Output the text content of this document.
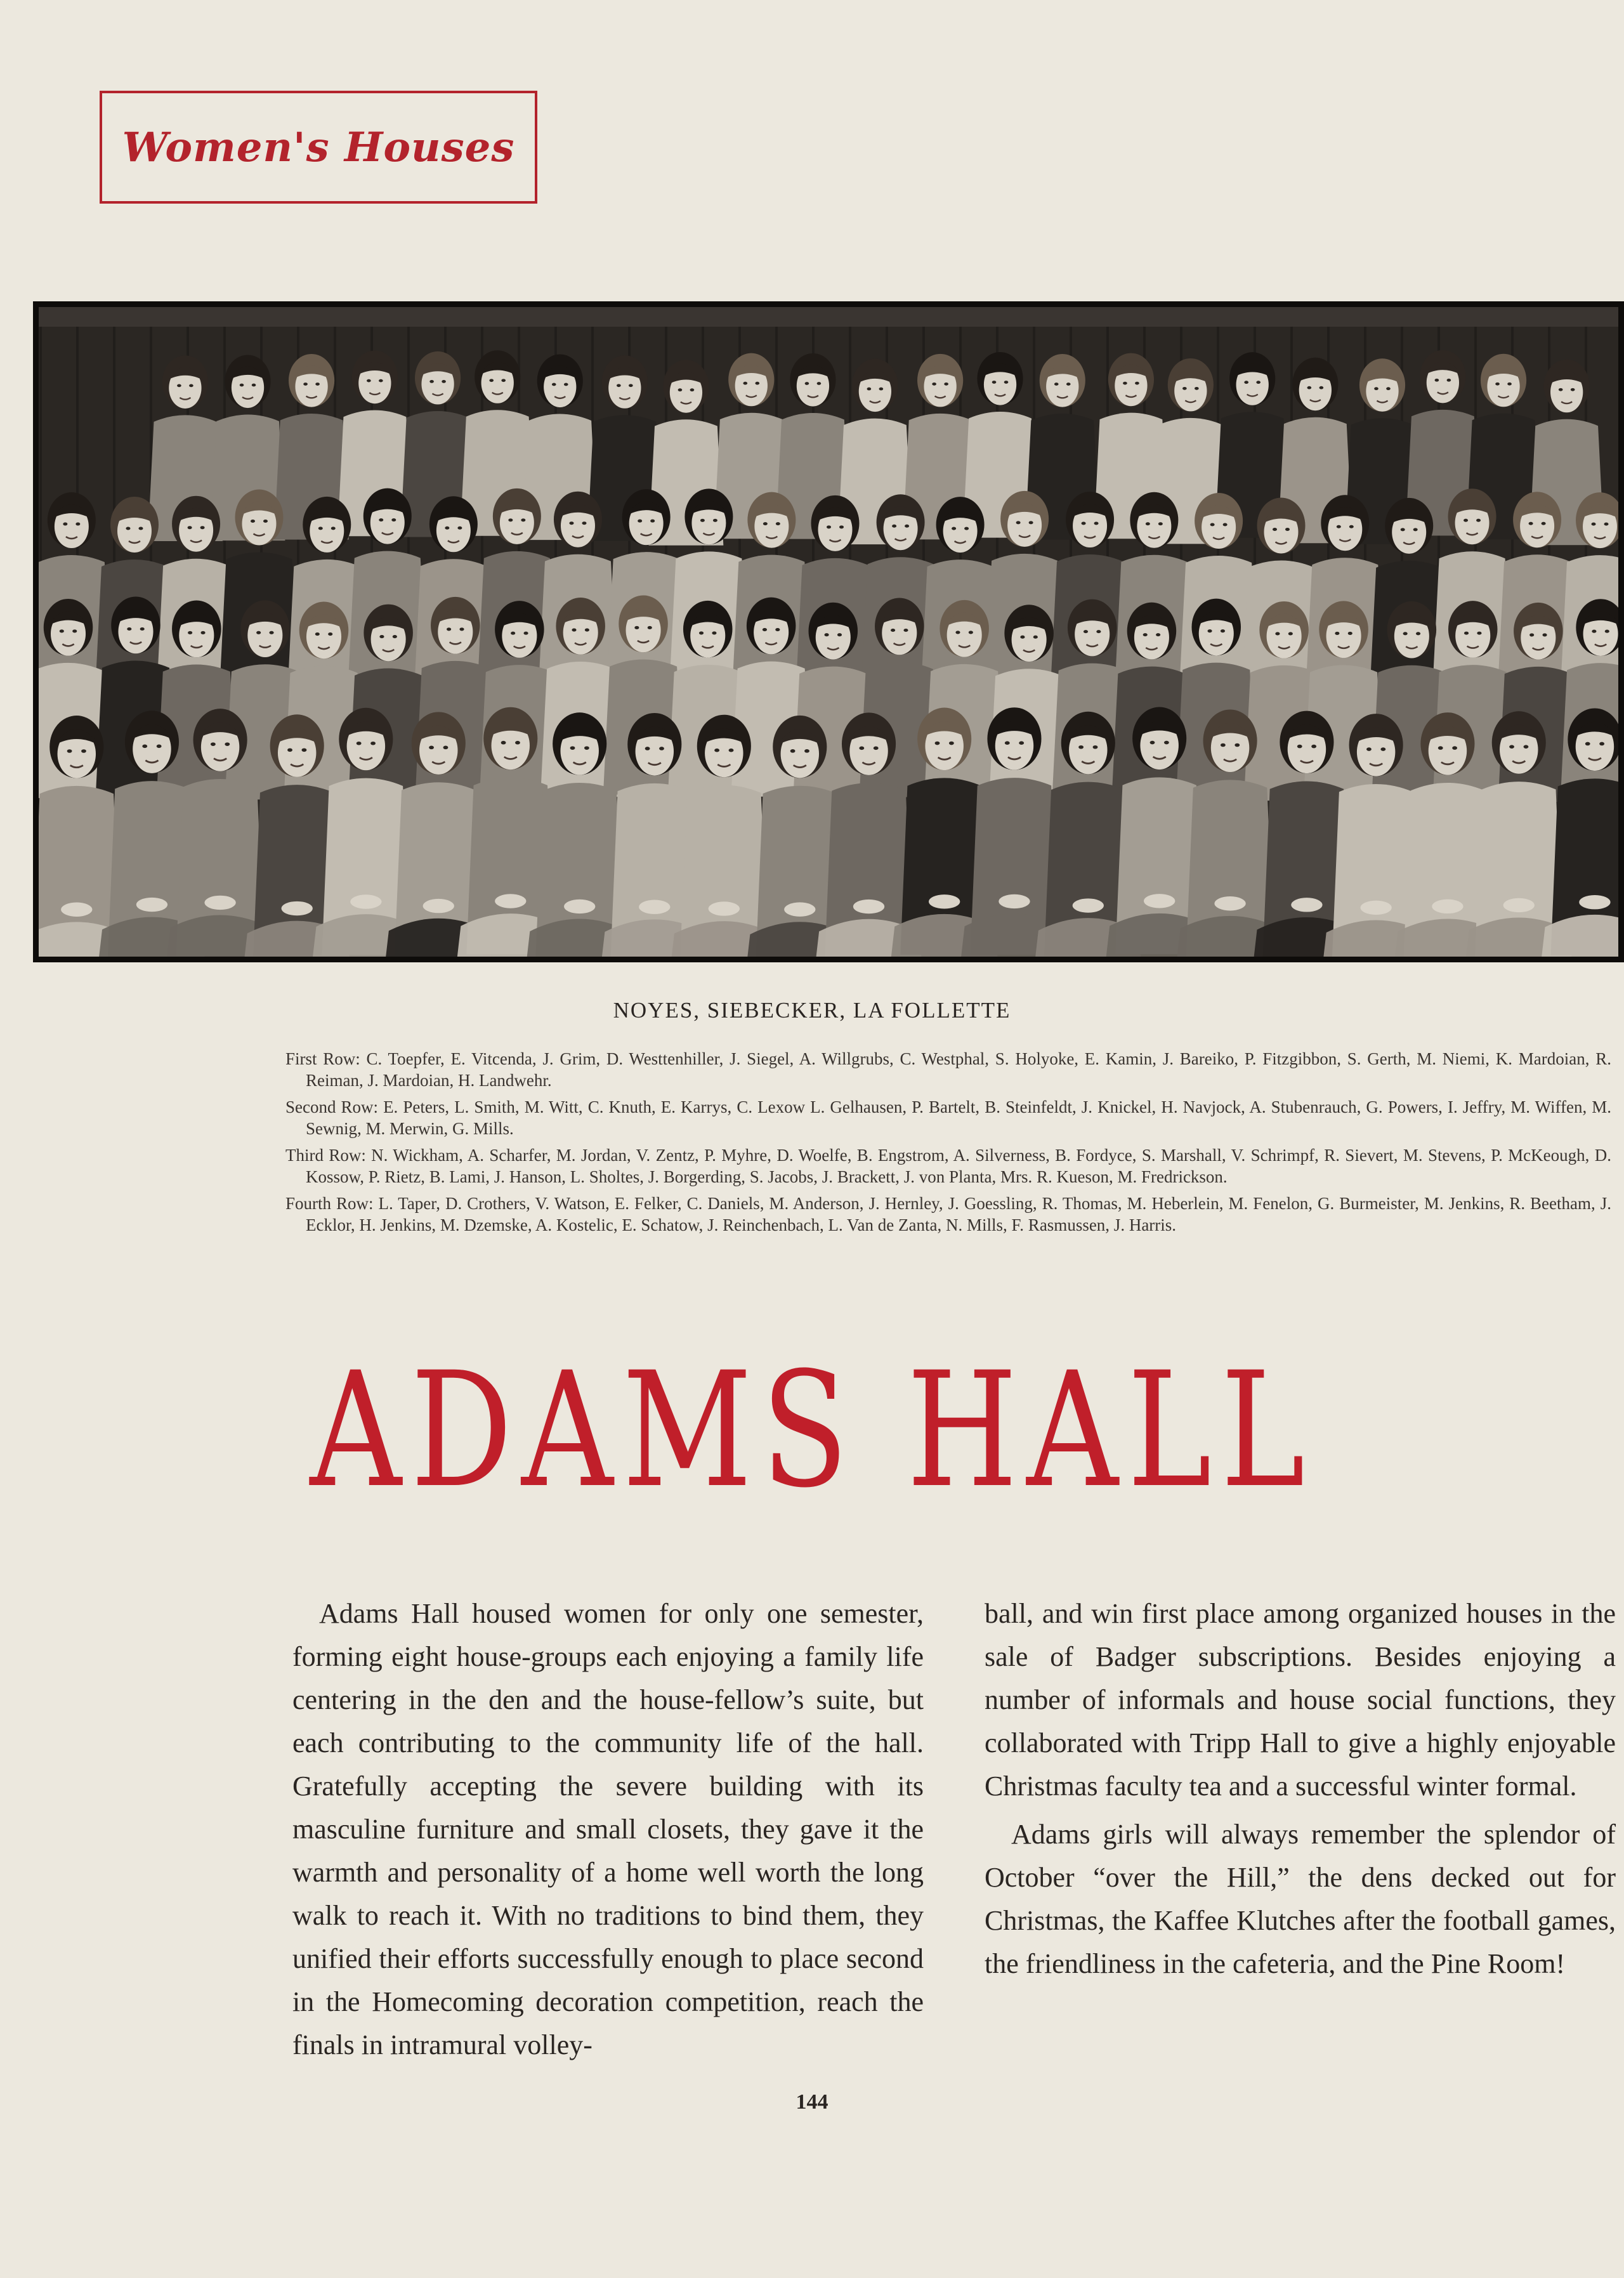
Women's Houses
NOYES, SIEBECKER, LA FOLLETTE

First Row: C. Toepfer, E. Vitcenda, J. Grim, D. Westtenhiller, J. Siegel, A. Willgrubs, C. Westphal, S. Holyoke, E. Kamin, J. Bareiko, P. Fitzgibbon, S. Gerth, M. Niemi, K. Mardoian, R. Reiman, J. Mardoian, H. Landwehr.

Second Row: E. Peters, L. Smith, M. Witt, C. Knuth, E. Karrys, C. Lexow L. Gelhausen, P. Bartelt, B. Steinfeldt, J. Knickel, H. Navjock, A. Stubenrauch, G. Powers, I. Jeffry, M. Wiffen, M. Sewnig, M. Merwin, G. Mills.

Third Row: N. Wickham, A. Scharfer, M. Jordan, V. Zentz, P. Myhre, D. Woelfe, B. Engstrom, A. Silverness, B. Fordyce, S. Marshall, V. Schrimpf, R. Sievert, M. Stevens, P. McKeough, D. Kossow, P. Rietz, B. Lami, J. Hanson, L. Sholtes, J. Borgerding, S. Jacobs, J. Brackett, J. von Planta, Mrs. R. Kueson, M. Fredrickson.

Fourth Row: L. Taper, D. Crothers, V. Watson, E. Felker, C. Daniels, M. Anderson, J. Hernley, J. Goessling, R. Thomas, M. Heberlein, M. Fenelon, G. Burmeister, M. Jenkins, R. Beetham, J. Ecklor, H. Jenkins, M. Dzemske, A. Kostelic, E. Schatow, J. Reinchenbach, L. Van de Zanta, N. Mills, F. Rasmussen, J. Harris.

ADAMS HALL

Adams Hall housed women for only one semester, forming eight house-groups each enjoying a family life centering in the den and the house-fellow’s suite, but each contributing to the community life of the hall. Gratefully accepting the severe building with its masculine furniture and small closets, they gave it the warmth and personality of a home well worth the long walk to reach it. With no traditions to bind them, they unified their efforts successfully enough to place second in the Homecoming decoration competition, reach the finals in intramural volley-

ball, and win first place among organized houses in the sale of Badger subscriptions. Besides enjoying a number of informals and house social functions, they collaborated with Tripp Hall to give a highly enjoyable Christmas faculty tea and a successful winter formal.

Adams girls will always remember the splendor of October “over the Hill,” the dens decked out for Christmas, the Kaffee Klutches after the football games, the friendliness in the cafeteria, and the Pine Room!

144
